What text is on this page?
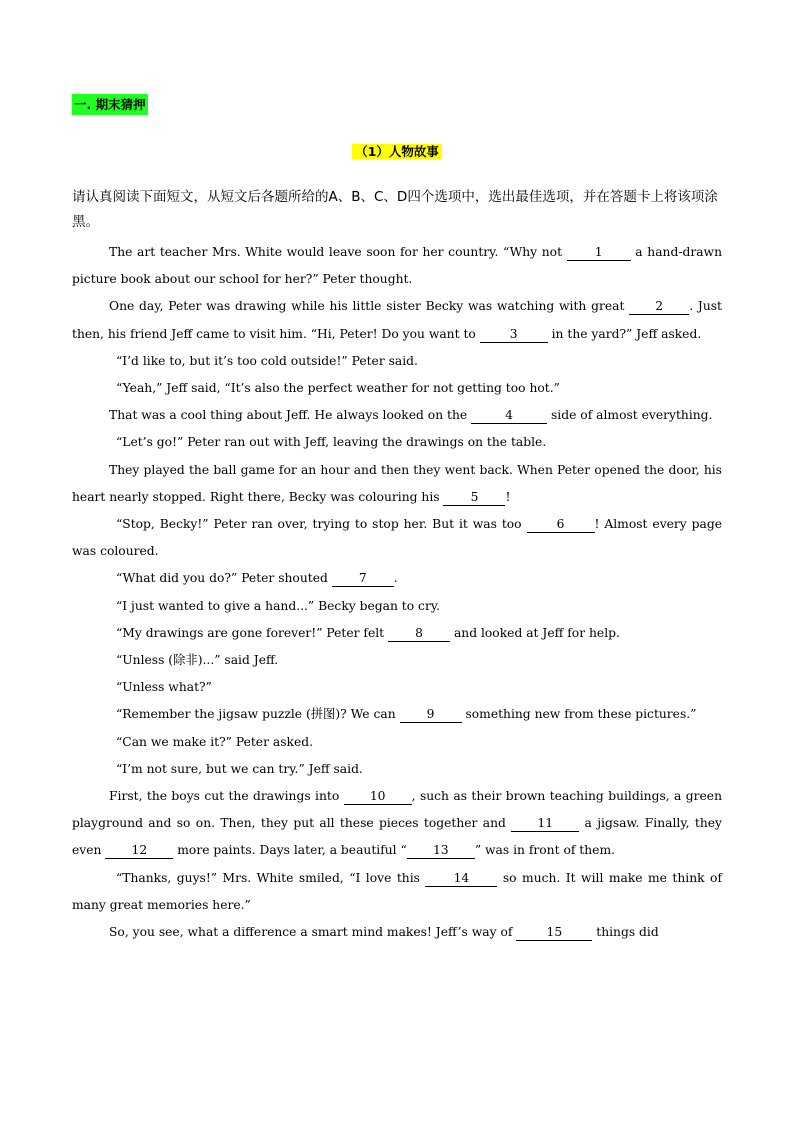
一. 期末猜押
（1）人物故事
请认真阅读下面短文，从短文后各题所给的A、B、C、D四个选项中，选出最佳选项，并在答题卡上将该项涂黑。

The art teacher Mrs. White would leave soon for her country. “Why not 1 a hand-drawn picture book about our school for her?” Peter thought.

One day, Peter was drawing while his little sister Becky was watching with great 2 . Just then, his friend Jeff came to visit him. “Hi, Peter! Do you want to 3 in the yard?” Jeff asked.

“I’d like to, but it’s too cold outside!” Peter said.

“Yeah,” Jeff said, “It’s also the perfect weather for not getting too hot.”

That was a cool thing about Jeff. He always looked on the	4	side of almost everything.

“Let’s go!” Peter ran out with Jeff, leaving the drawings on the table.

They played the ball game for an hour and then they went back. When Peter opened the door, his heart nearly stopped. Right there, Becky was colouring his 5 !

“Stop, Becky!” Peter ran over, trying to stop her. But it was too 6 ! Almost every page was coloured.

“What did you do?” Peter shouted 7 .

“I just wanted to give a hand...” Becky began to cry.

“My drawings are gone forever!” Peter felt 8 and looked at Jeff for help.

“Unless (除非)...” said Jeff.

“Unless what?”

“Remember the jigsaw puzzle (拼图)? We can 9 something new from these pictures.”

“Can we make it?” Peter asked.

“I’m not sure, but we can try.” Jeff said.

First, the boys cut the drawings into 10 , such as their brown teaching buildings, a green playground and so on. Then, they put all these pieces together and 11 a jigsaw. Finally, they even 12 more paints. Days later, a beautiful “ 13 ” was in front of them.

“Thanks, guys!” Mrs. White smiled, “I love this 14 so much. It will make me think of many great memories here.”

So, you see, what a difference a smart mind makes! Jeff’s way of 15 things did
